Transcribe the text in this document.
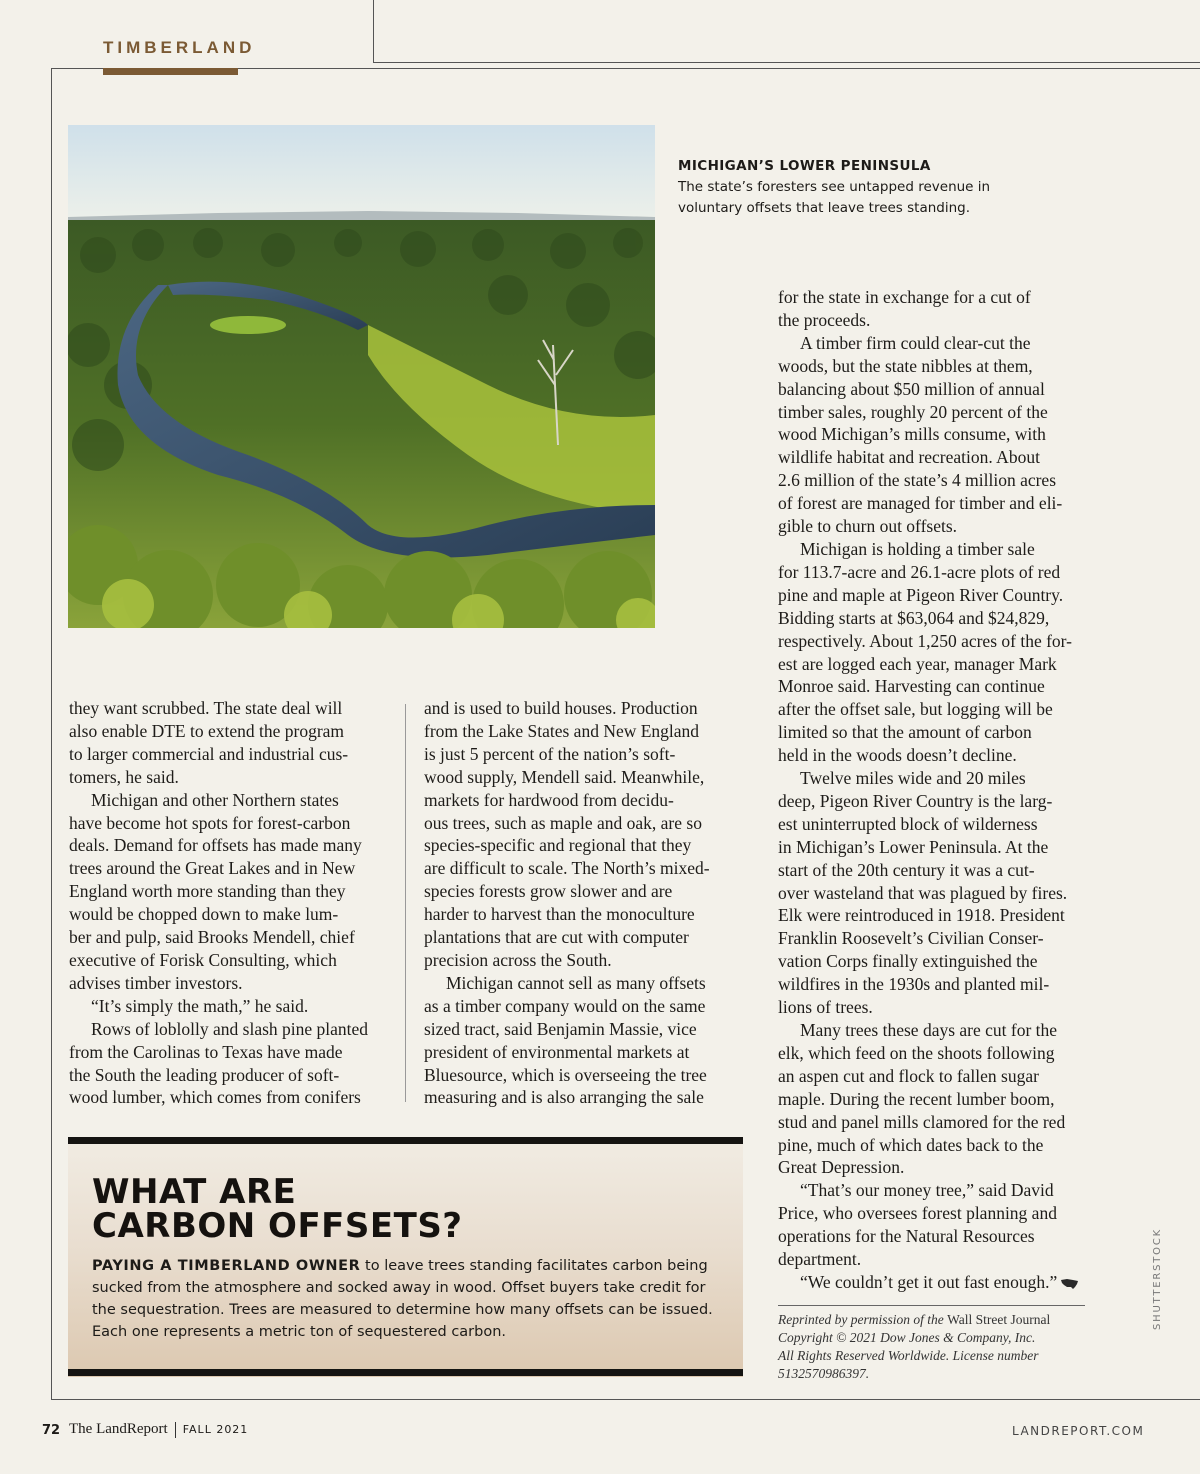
TIMBERLAND
MICHIGAN’S LOWER PENINSULA
The state’s foresters see untapped revenue in
voluntary offsets that leave trees standing.

they want scrubbed. The state deal will

also enable DTE to extend the program

to larger commercial and industrial cus-

tomers, he said.

Michigan and other Northern states

have become hot spots for forest-carbon

deals. Demand for offsets has made many

trees around the Great Lakes and in New

England worth more standing than they

would be chopped down to make lum-

ber and pulp, said Brooks Mendell, chief

executive of Forisk Consulting, which

advises timber investors.

“It’s simply the math,” he said.

Rows of loblolly and slash pine planted

from the Carolinas to Texas have made

the South the leading producer of soft-

wood lumber, which comes from conifers

and is used to build houses. Production

from the Lake States and New England

is just 5 percent of the nation’s soft-

wood supply, Mendell said. Meanwhile,

markets for hardwood from decidu-

ous trees, such as maple and oak, are so

species-specific and regional that they

are difficult to scale. The North’s mixed-

species forests grow slower and are

harder to harvest than the monoculture

plantations that are cut with computer

precision across the South.

Michigan cannot sell as many offsets

as a timber company would on the same

sized tract, said Benjamin Massie, vice

president of environmental markets at

Bluesource, which is overseeing the tree

measuring and is also arranging the sale

for the state in exchange for a cut of

the proceeds.

A timber firm could clear-cut the

woods, but the state nibbles at them,

balancing about $50 million of annual

timber sales, roughly 20 percent of the

wood Michigan’s mills consume, with

wildlife habitat and recreation. About

2.6 million of the state’s 4 million acres

of forest are managed for timber and eli-

gible to churn out offsets.

Michigan is holding a timber sale

for 113.7-acre and 26.1-acre plots of red

pine and maple at Pigeon River Country.

Bidding starts at $63,064 and $24,829,

respectively. About 1,250 acres of the for-

est are logged each year, manager Mark

Monroe said. Harvesting can continue

after the offset sale, but logging will be

limited so that the amount of carbon

held in the woods doesn’t decline.

Twelve miles wide and 20 miles

deep, Pigeon River Country is the larg-

est uninterrupted block of wilderness

in Michigan’s Lower Peninsula. At the

start of the 20th century it was a cut-

over wasteland that was plagued by fires.

Elk were reintroduced in 1918. President

Franklin Roosevelt’s Civilian Conser-

vation Corps finally extinguished the

wildfires in the 1930s and planted mil-

lions of trees.

Many trees these days are cut for the

elk, which feed on the shoots following

an aspen cut and flock to fallen sugar

maple. During the recent lumber boom,

stud and panel mills clamored for the red

pine, much of which dates back to the

Great Depression.

“That’s our money tree,” said David

Price, who oversees forest planning and

operations for the Natural Resources

department.

“We couldn’t get it out fast enough.”

Reprinted by permission of the Wall Street Journal
Copyright © 2021 Dow Jones & Company, Inc.
All Rights Reserved Worldwide. License number
5132570986397.
WHAT ARE
CARBON OFFSETS?

PAYING A TIMBERLAND OWNER to leave trees standing facilitates carbon being

sucked from the atmosphere and socked away in wood. Offset buyers take credit for

the sequestration. Trees are measured to determine how many offsets can be issued.

Each one represents a metric ton of sequestered carbon.

SHUTTERSTOCK
72 The LandReport FALL 2021	LANDREPORT.COM
